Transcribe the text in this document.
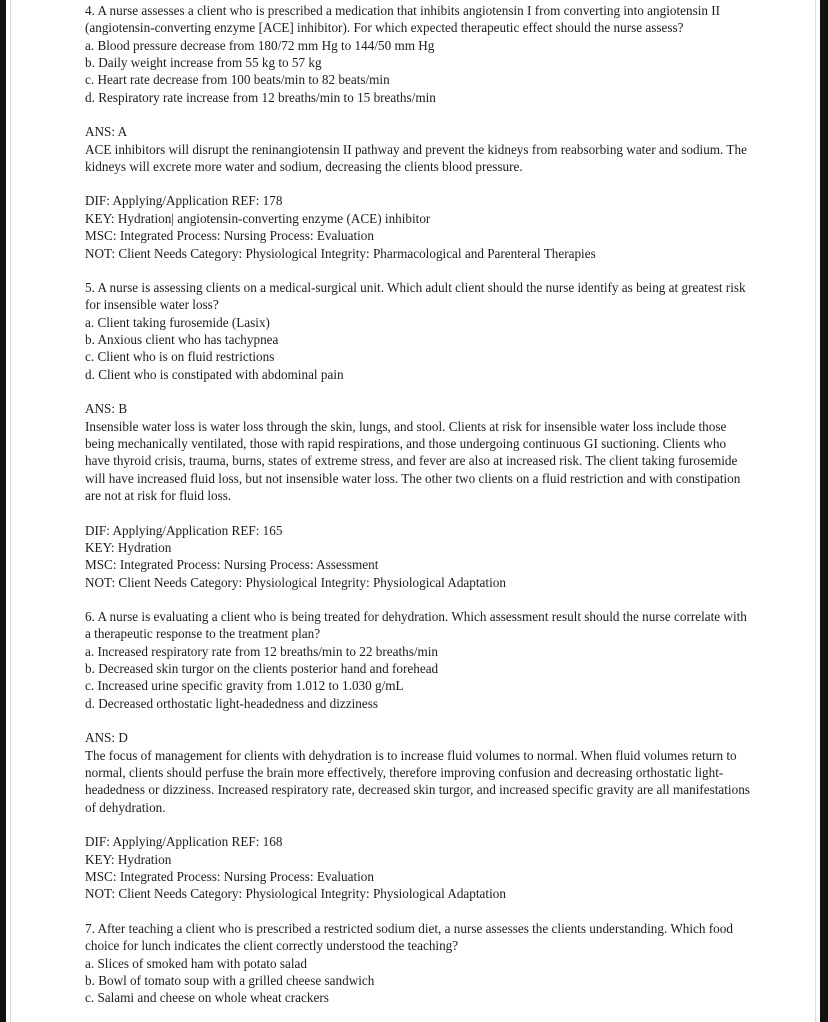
4. A nurse assesses a client who is prescribed a medication that inhibits angiotensin I from converting into angiotensin II (angiotensin-converting enzyme [ACE] inhibitor). For which expected therapeutic effect should the nurse assess?

a. Blood pressure decrease from 180/72 mm Hg to 144/50 mm Hg

b. Daily weight increase from 55 kg to 57 kg

c. Heart rate decrease from 100 beats/min to 82 beats/min

d. Respiratory rate increase from 12 breaths/min to 15 breaths/min

ANS: A

ACE inhibitors will disrupt the reninangiotensin II pathway and prevent the kidneys from reabsorbing water and sodium. The kidneys will excrete more water and sodium, decreasing the clients blood pressure.

DIF: Applying/Application REF: 178

KEY: Hydration| angiotensin-converting enzyme (ACE) inhibitor

MSC: Integrated Process: Nursing Process: Evaluation

NOT: Client Needs Category: Physiological Integrity: Pharmacological and Parenteral Therapies

5. A nurse is assessing clients on a medical-surgical unit. Which adult client should the nurse identify as being at greatest risk for insensible water loss?

a. Client taking furosemide (Lasix)

b. Anxious client who has tachypnea

c. Client who is on fluid restrictions

d. Client who is constipated with abdominal pain

ANS: B

Insensible water loss is water loss through the skin, lungs, and stool. Clients at risk for insensible water loss include those being mechanically ventilated, those with rapid respirations, and those undergoing continuous GI suctioning. Clients who have thyroid crisis, trauma, burns, states of extreme stress, and fever are also at increased risk. The client taking furosemide will have increased fluid loss, but not insensible water loss. The other two clients on a fluid restriction and with constipation are not at risk for fluid loss.

DIF: Applying/Application REF: 165

KEY: Hydration

MSC: Integrated Process: Nursing Process: Assessment

NOT: Client Needs Category: Physiological Integrity: Physiological Adaptation

6. A nurse is evaluating a client who is being treated for dehydration. Which assessment result should the nurse correlate with a therapeutic response to the treatment plan?

a. Increased respiratory rate from 12 breaths/min to 22 breaths/min

b. Decreased skin turgor on the clients posterior hand and forehead

c. Increased urine specific gravity from 1.012 to 1.030 g/mL

d. Decreased orthostatic light-headedness and dizziness

ANS: D

The focus of management for clients with dehydration is to increase fluid volumes to normal. When fluid volumes return to normal, clients should perfuse the brain more effectively, therefore improving confusion and decreasing orthostatic light-headedness or dizziness. Increased respiratory rate, decreased skin turgor, and increased specific gravity are all manifestations of dehydration.

DIF: Applying/Application REF: 168

KEY: Hydration

MSC: Integrated Process: Nursing Process: Evaluation

NOT: Client Needs Category: Physiological Integrity: Physiological Adaptation

7. After teaching a client who is prescribed a restricted sodium diet, a nurse assesses the clients understanding. Which food choice for lunch indicates the client correctly understood the teaching?

a. Slices of smoked ham with potato salad

b. Bowl of tomato soup with a grilled cheese sandwich

c. Salami and cheese on whole wheat crackers
